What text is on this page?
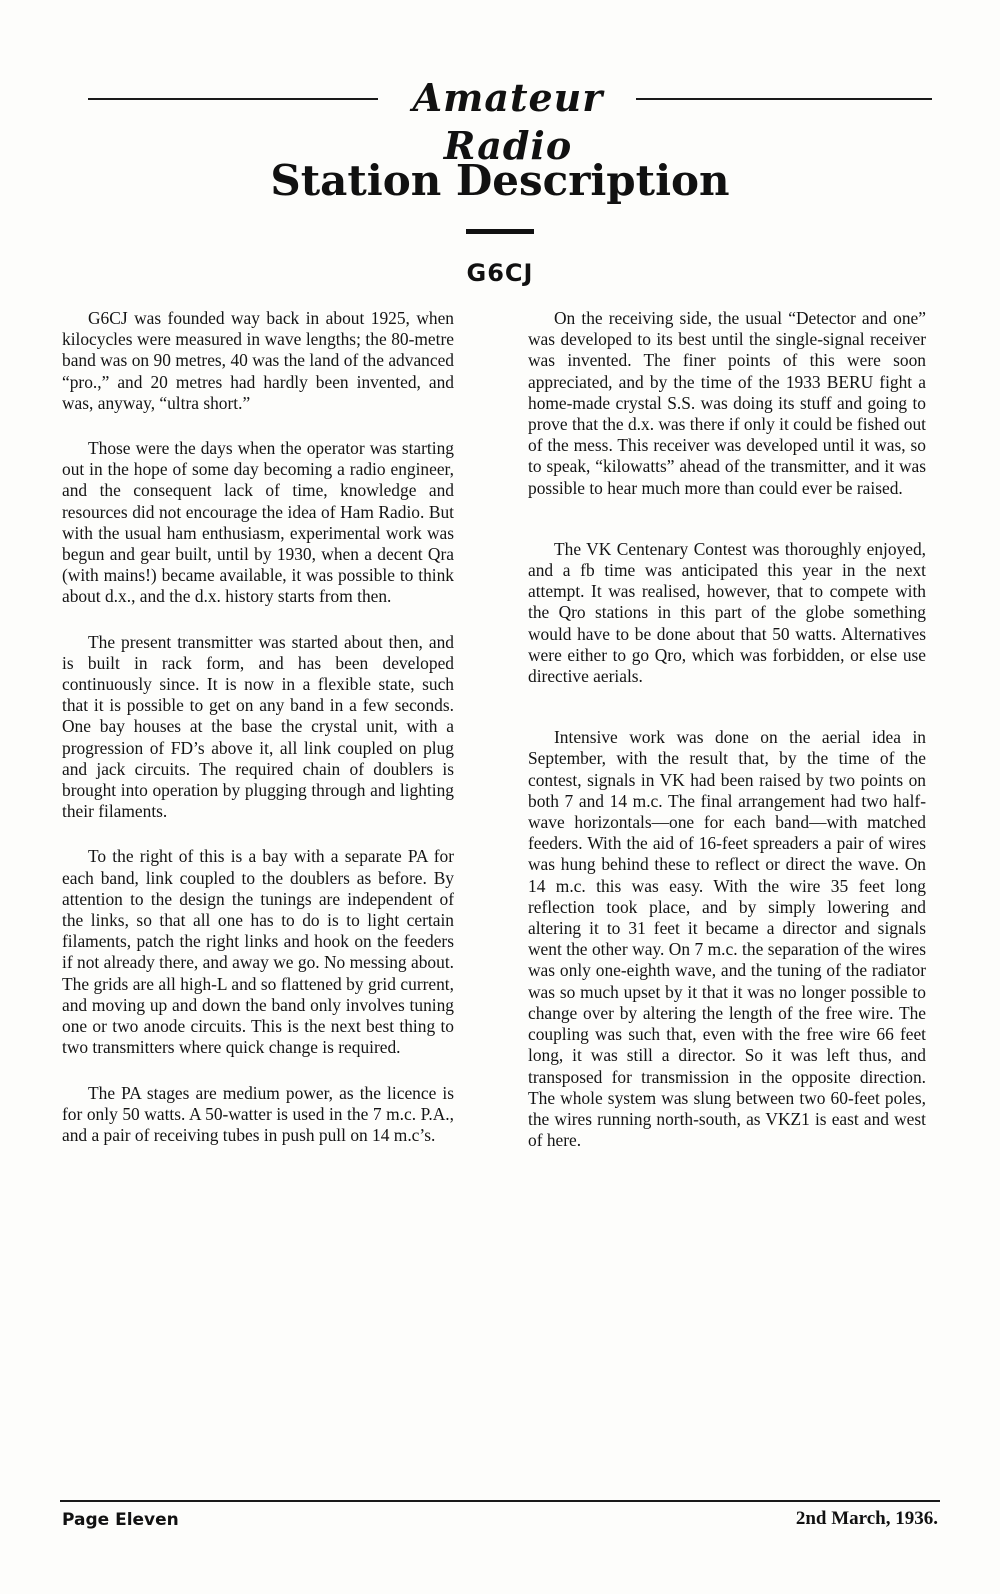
Amateur Radio
Station Description
G6CJ

G6CJ was founded way back in about 1925, when kilocycles were measured in wave lengths; the 80-metre band was on 90 metres, 40 was the land of the advanced “pro.,” and 20 metres had hardly been invented, and was, anyway, “ultra short.”

Those were the days when the operator was starting out in the hope of some day becoming a radio engineer, and the consequent lack of time, knowledge and resources did not encourage the idea of Ham Radio. But with the usual ham enthusiasm, experimental work was begun and gear built, until by 1930, when a decent Qra (with mains!) became available, it was possible to think about d.x., and the d.x. history starts from then.

The present transmitter was started about then, and is built in rack form, and has been developed continuously since. It is now in a flexible state, such that it is possible to get on any band in a few seconds. One bay houses at the base the crystal unit, with a progression of FD’s above it, all link coupled on plug and jack circuits. The required chain of doublers is brought into operation by plugging through and lighting their filaments.

To the right of this is a bay with a separate PA for each band, link coupled to the doublers as before. By attention to the design the tunings are independent of the links, so that all one has to do is to light certain filaments, patch the right links and hook on the feeders if not already there, and away we go. No messing about. The grids are all high-L and so flattened by grid current, and moving up and down the band only involves tuning one or two anode circuits. This is the next best thing to two transmitters where quick change is required.

The PA stages are medium power, as the licence is for only 50 watts. A 50-watter is used in the 7 m.c. P.A., and a pair of receiving tubes in push pull on 14 m.c’s.

On the receiving side, the usual “Detector and one” was developed to its best until the single-signal receiver was invented. The finer points of this were soon appreciated, and by the time of the 1933 BERU fight a home-made crystal S.S. was doing its stuff and going to prove that the d.x. was there if only it could be fished out of the mess. This receiver was developed until it was, so to speak, “kilowatts” ahead of the transmitter, and it was possible to hear much more than could ever be raised.

The VK Centenary Contest was thoroughly enjoyed, and a fb time was anticipated this year in the next attempt. It was realised, however, that to compete with the Qro stations in this part of the globe something would have to be done about that 50 watts. Alternatives were either to go Qro, which was forbidden, or else use directive aerials.

Intensive work was done on the aerial idea in September, with the result that, by the time of the contest, signals in VK had been raised by two points on both 7 and 14 m.c. The final arrangement had two half-wave horizontals—one for each band—with matched feeders. With the aid of 16-feet spreaders a pair of wires was hung behind these to reflect or direct the wave. On 14 m.c. this was easy. With the wire 35 feet long reflection took place, and by simply lowering and altering it to 31 feet it became a director and signals went the other way. On 7 m.c. the separation of the wires was only one-eighth wave, and the tuning of the radiator was so much upset by it that it was no longer possible to change over by altering the length of the free wire. The coupling was such that, even with the free wire 66 feet long, it was still a director. So it was left thus, and transposed for transmission in the opposite direction. The whole system was slung between two 60-feet poles, the wires running north-south, as VKZ1 is east and west of here.

Page Eleven	2nd March, 1936.
